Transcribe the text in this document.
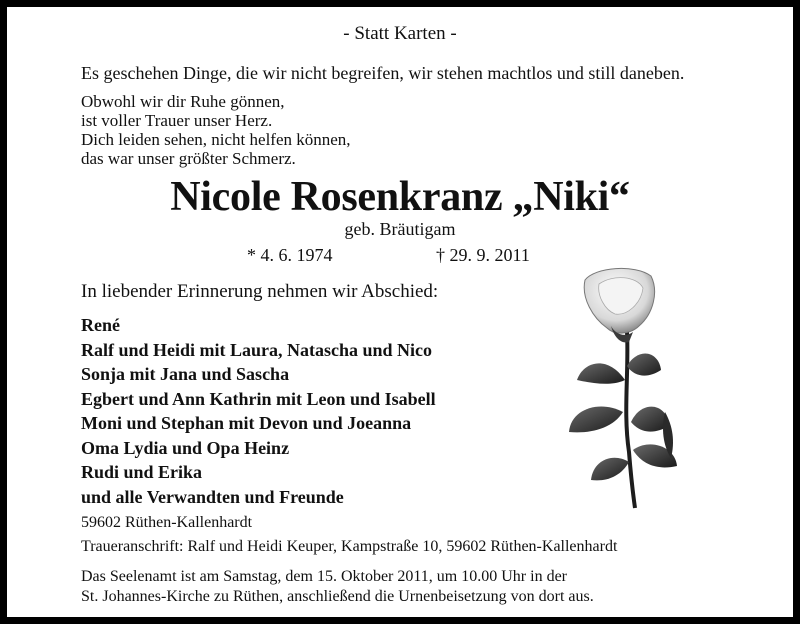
- Statt Karten -
Es geschehen Dinge, die wir nicht begreifen, wir stehen machtlos und still daneben.
Obwohl wir dir Ruhe gönnen,
ist voller Trauer unser Herz.
Dich leiden sehen, nicht helfen können,
das war unser größter Schmerz.
Nicole Rosenkranz „Niki“
geb. Bräutigam
* 4. 6. 1974	† 29. 9. 2011
In liebender Erinnerung nehmen wir Abschied:
René
Ralf und Heidi mit Laura, Natascha und Nico
Sonja mit Jana und Sascha
Egbert und Ann Kathrin mit Leon und Isabell
Moni und Stephan mit Devon und Joeanna
Oma Lydia und Opa Heinz
Rudi und Erika
und alle Verwandten und Freunde
59602 Rüthen-Kallenhardt
Traueranschrift: Ralf und Heidi Keuper, Kampstraße 10, 59602 Rüthen-Kallenhardt
Das Seelenamt ist am Samstag, dem 15. Oktober 2011, um 10.00 Uhr in der
St. Johannes-Kirche zu Rüthen, anschließend die Urnenbeisetzung von dort aus.
